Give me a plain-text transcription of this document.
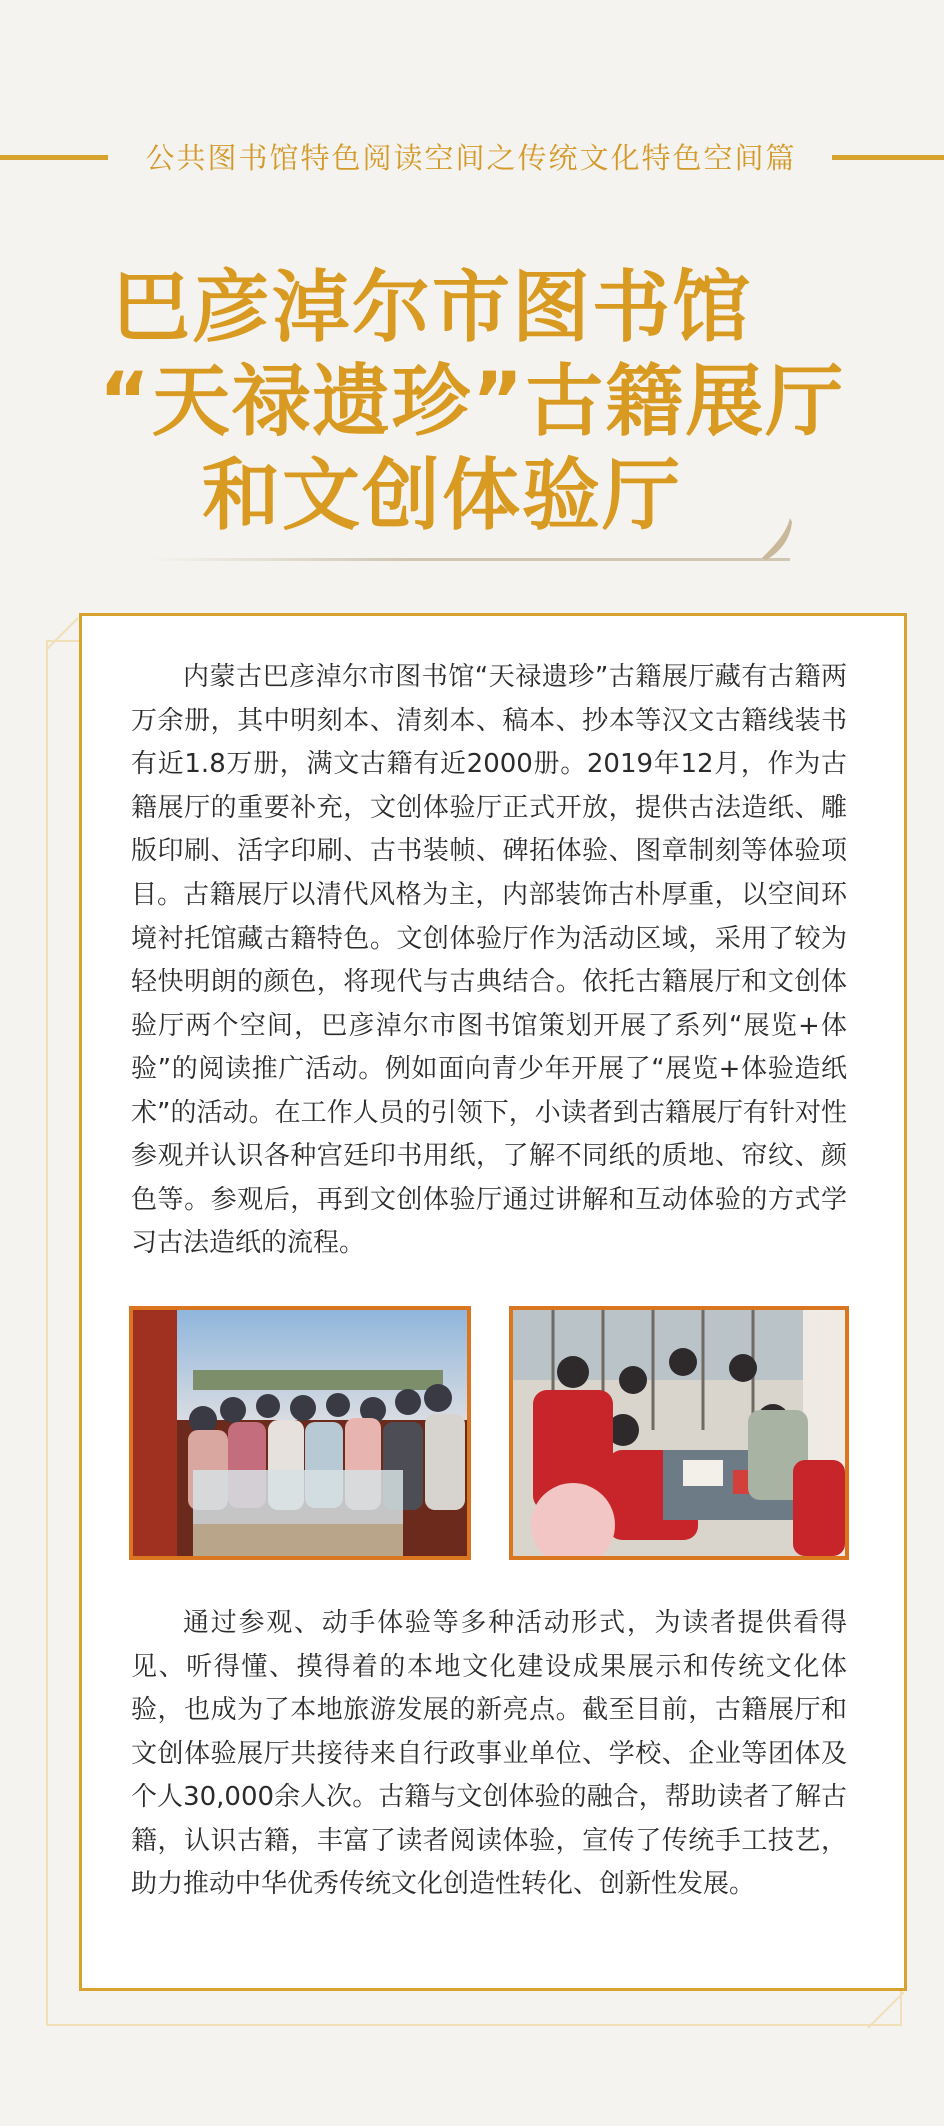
公共图书馆特色阅读空间之传统文化特色空间篇
巴彦淖尔市图书馆
“天禄遗珍”古籍展厅
和文创体验厅

内蒙古巴彦淖尔市图书馆“天禄遗珍”古籍展厅藏有古籍两万余册，其中明刻本、清刻本、稿本、抄本等汉文古籍线装书有近1.8万册，满文古籍有近2000册。2019年12月，作为古籍展厅的重要补充，文创体验厅正式开放，提供古法造纸、雕版印刷、活字印刷、古书装帧、碑拓体验、图章制刻等体验项目。 古籍展厅以清代风格为主，内部装饰古朴厚重，以空间环境衬托馆藏古籍特色。文创体验厅作为活动区域，采用了较为轻快明朗的颜色，将现代与古典结合。依托古籍展厅和文创体验厅两个空间，巴彦淖尔市图书馆策划开展了系列“展览+体验”的阅读推广活动。例如面向青少年开展了“展览+体验造纸术”的活动。在工作人员的引领下，小读者到古籍展厅有针对性参观并认识各种宫廷印书用纸，了解不同纸的质地、帘纹、颜色等。参观后，再到文创体验厅通过讲解和互动体验的方式学习古法造纸的流程。

通过参观、动手体验等多种活动形式，为读者提供看得见、听得懂、摸得着的本地文化建设成果展示和传统文化体验，也成为了本地旅游发展的新亮点。截至目前，古籍展厅和文创体验展厅共接待来自行政事业单位、学校、企业等团体及个人30,000余人次。古籍与文创体验的融合，帮助读者了解古籍，认识古籍，丰富了读者阅读体验，宣传了传统手工技艺，助力推动中华优秀传统文化创造性转化、创新性发展。
